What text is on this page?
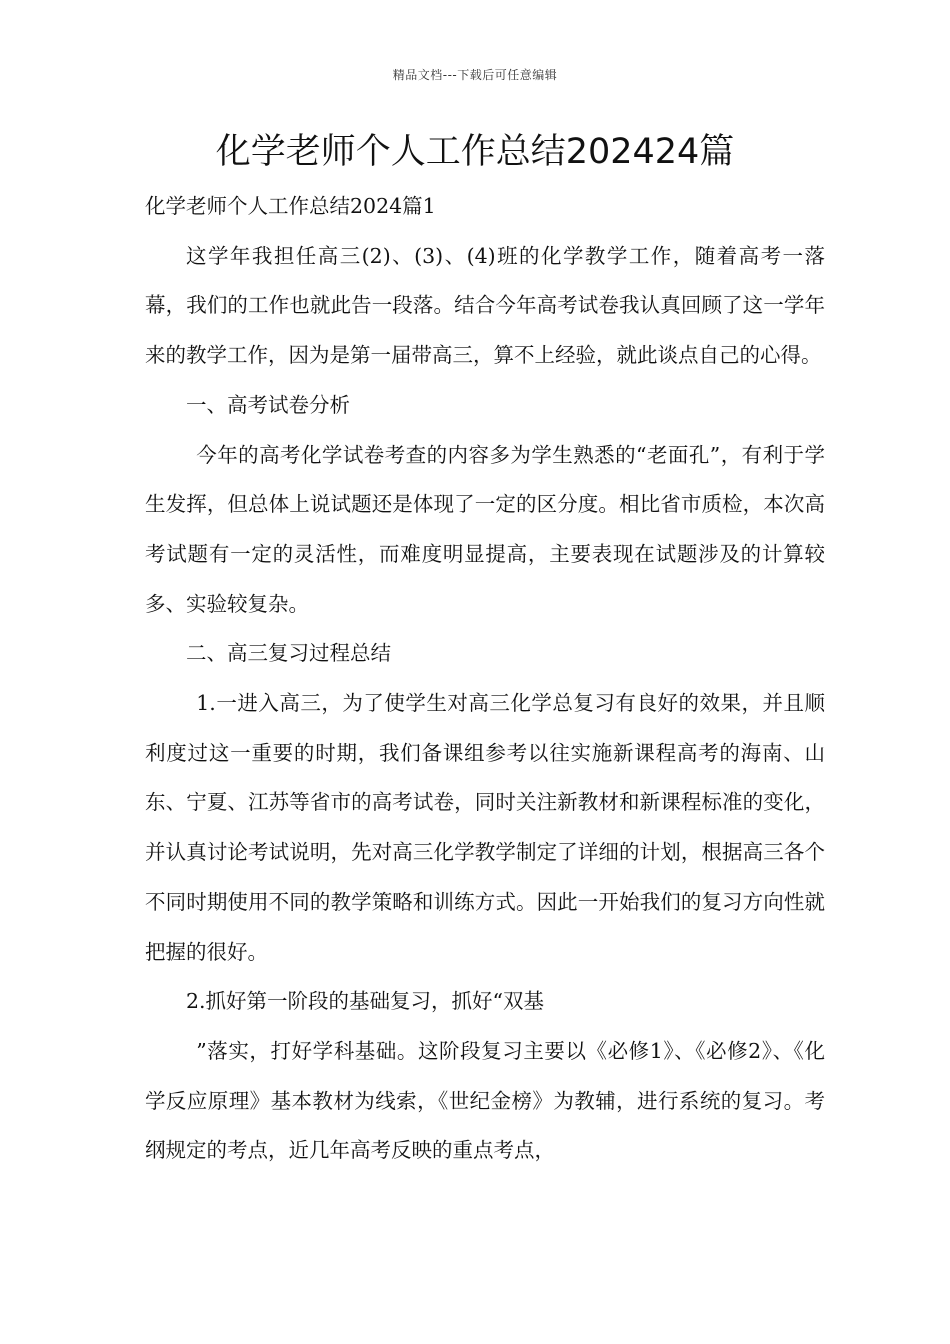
精品文档---下载后可任意编辑
化学老师个人工作总结202424篇

化学老师个人工作总结2024篇1

这学年我担任高三(2)、(3)、(4)班的化学教学工作，随着高考一落幕，我们的工作也就此告一段落。结合今年高考试卷我认真回顾了这一学年来的教学工作，因为是第一届带高三，算不上经验，就此谈点自己的心得。

一、高考试卷分析

今年的高考化学试卷考查的内容多为学生熟悉的“老面孔”，有利于学生发挥，但总体上说试题还是体现了一定的区分度。相比省市质检，本次高考试题有一定的灵活性，而难度明显提高，主要表现在试题涉及的计算较多、实验较复杂。

二、高三复习过程总结

1.一进入高三，为了使学生对高三化学总复习有良好的效果，并且顺利度过这一重要的时期，我们备课组参考以往实施新课程高考的海南、山东、宁夏、江苏等省市的高考试卷，同时关注新教材和新课程标准的变化，并认真讨论考试说明，先对高三化学教学制定了详细的计划，根据高三各个不同时期使用不同的教学策略和训练方式。因此一开始我们的复习方向性就把握的很好。

2.抓好第一阶段的基础复习，抓好“双基

”落实，打好学科基础。这阶段复习主要以《必修1》、《必修2》、《化学反应原理》基本教材为线索，《世纪金榜》为教辅，进行系统的复习。考纲规定的考点，近几年高考反映的重点考点，
